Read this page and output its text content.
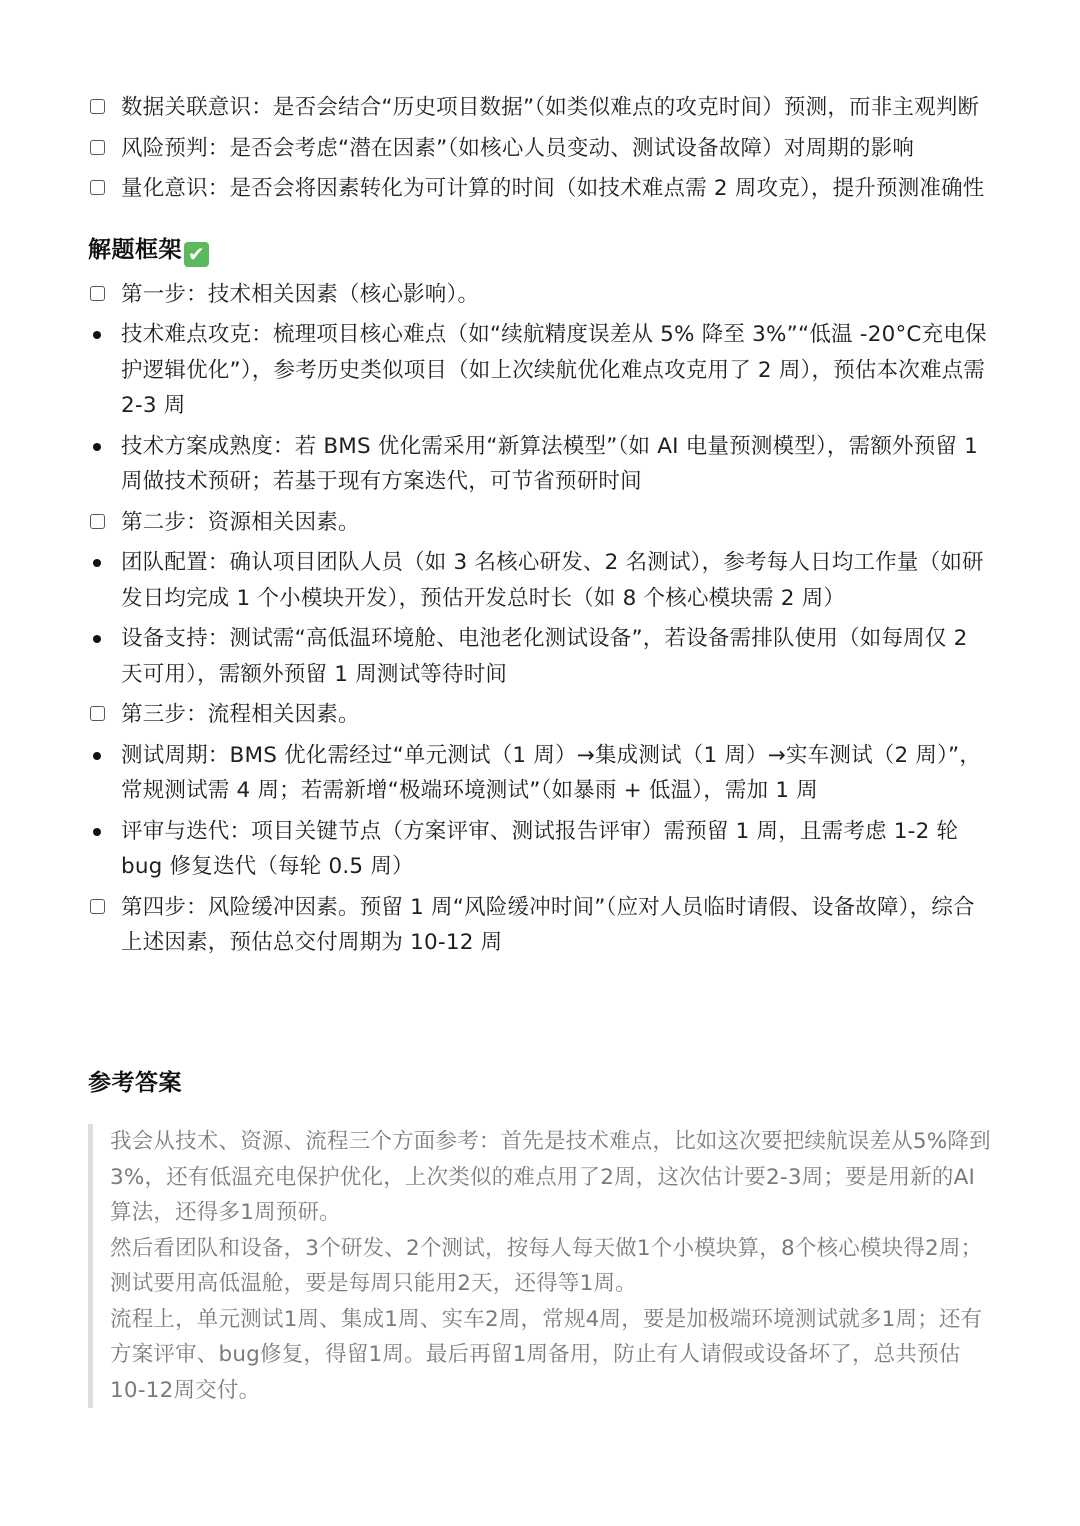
数据关联意识：是否会结合“历史项目数据”（如类似难点的攻克时间）预测，而非主观判断
风险预判：是否会考虑“潜在因素”（如核心人员变动、测试设备故障）对周期的影响
量化意识：是否会将因素转化为可计算的时间（如技术难点需 2 周攻克），提升预测准确性
解题框架 ✔
第一步：技术相关因素（核心影响）。
技术难点攻克：梳理项目核心难点（如“续航精度误差从 5% 降至 3%”“低温 -20°C充电保护逻辑优化”），参考历史类似项目（如上次续航优化难点攻克用了 2 周），预估本次难点需 2-3 周
技术方案成熟度：若 BMS 优化需采用“新算法模型”（如 AI 电量预测模型），需额外预留 1 周做技术预研；若基于现有方案迭代，可节省预研时间
第二步：资源相关因素。
团队配置：确认项目团队人员（如 3 名核心研发、2 名测试），参考每人日均工作量（如研发日均完成 1 个小模块开发），预估开发总时长（如 8 个核心模块需 2 周）
设备支持：测试需“高低温环境舱、电池老化测试设备”，若设备需排队使用（如每周仅 2 天可用），需额外预留 1 周测试等待时间
第三步：流程相关因素。
测试周期：BMS 优化需经过“单元测试（1 周）→集成测试（1 周）→实车测试（2 周）”，常规测试需 4 周；若需新增“极端环境测试”（如暴雨 + 低温），需加 1 周
评审与迭代：项目关键节点（方案评审、测试报告评审）需预留 1 周，且需考虑 1-2 轮 bug 修复迭代（每轮 0.5 周）
第四步：风险缓冲因素。预留 1 周“风险缓冲时间”（应对人员临时请假、设备故障），综合上述因素，预估总交付周期为 10-12 周
参考答案

我会从技术、资源、流程三个方面参考：首先是技术难点，比如这次要把续航误差从5%降到3%，还有低温充电保护优化，上次类似的难点用了2周，这次估计要2-3周；要是用新的AI算法，还得多1周预研。

然后看团队和设备，3个研发、2个测试，按每人每天做1个小模块算，8个核心模块得2周；测试要用高低温舱，要是每周只能用2天，还得等1周。

流程上，单元测试1周、集成1周、实车2周，常规4周，要是加极端环境测试就多1周；还有方案评审、bug修复，得留1周。最后再留1周备用，防止有人请假或设备坏了，总共预估10-12周交付。
